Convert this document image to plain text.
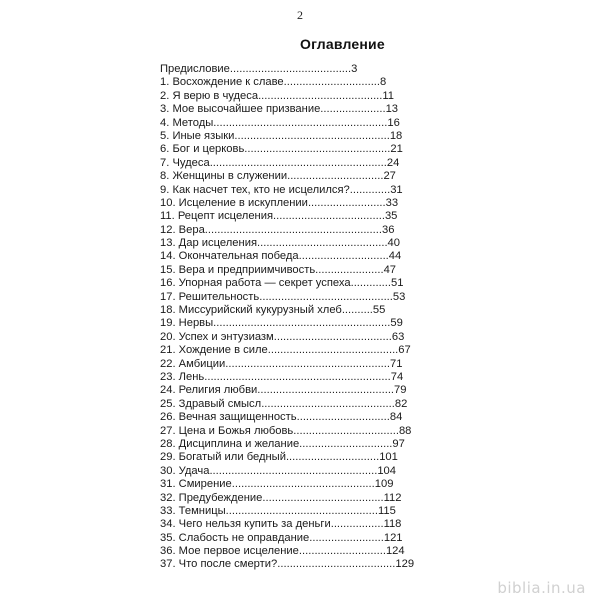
2
Оглавление
Предисловие.......................................3
1. Восхождение к славе...............................8
2. Я верю в чудеса........................................11
3. Мое высочайшее призвание.....................13
4. Методы........................................................16
5. Иные языки..................................................18
6. Бог и церковь...............................................21
7. Чудеса.........................................................24
8. Женщины в служении...............................27
9. Как насчет тех, кто не исцелился?.............31
10. Исцеление в искуплении.........................33
11. Рецепт исцеления....................................35
12. Вера.........................................................36
13. Дар исцеления..........................................40
14. Окончательная победа.............................44
15. Вера и предприимчивость......................47
16. Упорная работа — секрет успеха.............51
17. Решительность...........................................53
18. Миссурийский кукурузный хлеб..........55
19. Нервы.........................................................59
20. Успех и энтузиазм......................................63
21. Хождение в силе..........................................67
22. Амбиции.....................................................71
23. Лень............................................................74
24. Религия любви............................................79
25. Здравый смысл...........................................82
26. Вечная защищенность..............................84
27. Цена и Божья любовь..................................88
28. Дисциплина и желание..............................97
29. Богатый или бедный..............................101
30. Удача......................................................104
31. Смирение..............................................109
32. Предубеждение.......................................112
33. Темницы.................................................115
34. Чего нельзя купить за деньги.................118
35. Слабость не оправдание........................121
36. Мое первое исцеление............................124
37. Что после смерти?......................................129
biblia.in.ua
